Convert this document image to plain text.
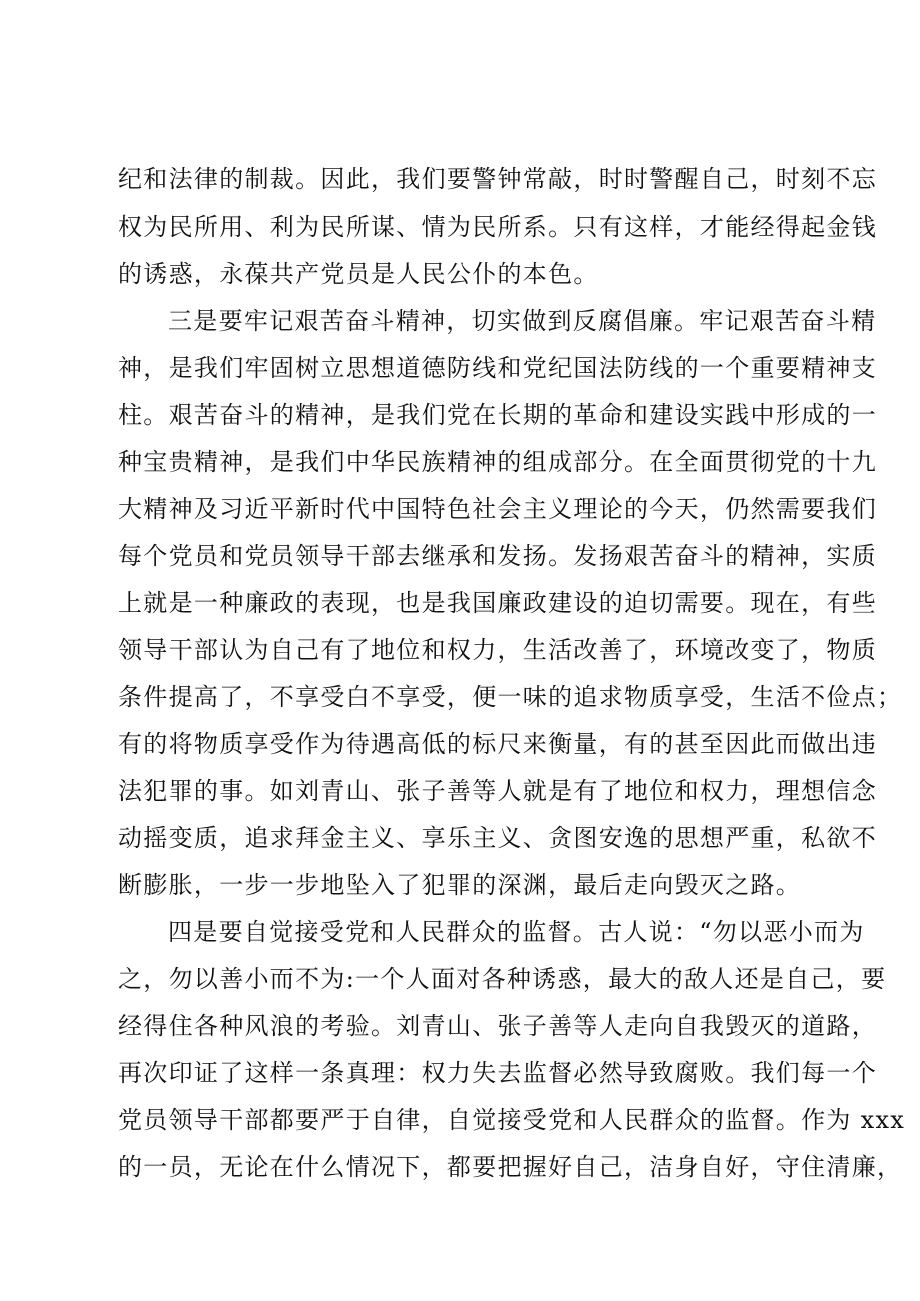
纪和法律的制裁。因此，我们要警钟常敲，时时警醒自己，时刻不忘
权为民所用、利为民所谋、情为民所系。只有这样，才能经得起金钱
的诱惑，永葆共产党员是人民公仆的本色。
三是要牢记艰苦奋斗精神，切实做到反腐倡廉。牢记艰苦奋斗精
神，是我们牢固树立思想道德防线和党纪国法防线的一个重要精神支
柱。艰苦奋斗的精神，是我们党在长期的革命和建设实践中形成的一
种宝贵精神，是我们中华民族精神的组成部分。在全面贯彻党的十九
大精神及习近平新时代中国特色社会主义理论的今天，仍然需要我们
每个党员和党员领导干部去继承和发扬。发扬艰苦奋斗的精神，实质
上就是一种廉政的表现，也是我国廉政建设的迫切需要。现在，有些
领导干部认为自己有了地位和权力，生活改善了，环境改变了，物质
条件提高了，不享受白不享受，便一味的追求物质享受，生活不俭点；
有的将物质享受作为待遇高低的标尺来衡量，有的甚至因此而做出违
法犯罪的事。如刘青山、张子善等人就是有了地位和权力，理想信念
动摇变质，追求拜金主义、享乐主义、贪图安逸的思想严重，私欲不
断膨胀，一步一步地坠入了犯罪的深渊，最后走向毁灭之路。
四是要自觉接受党和人民群众的监督。古人说：“勿以恶小而为
之，勿以善小而不为:一个人面对各种诱惑，最大的敌人还是自己，要
经得住各种风浪的考验。刘青山、张子善等人走向自我毁灭的道路，
再次印证了这样一条真理：权力失去监督必然导致腐败。我们每一个
党员领导干部都要严于自律，自觉接受党和人民群众的监督。作为 xxx
的一员，无论在什么情况下，都要把握好自己，洁身自好，守住清廉，
